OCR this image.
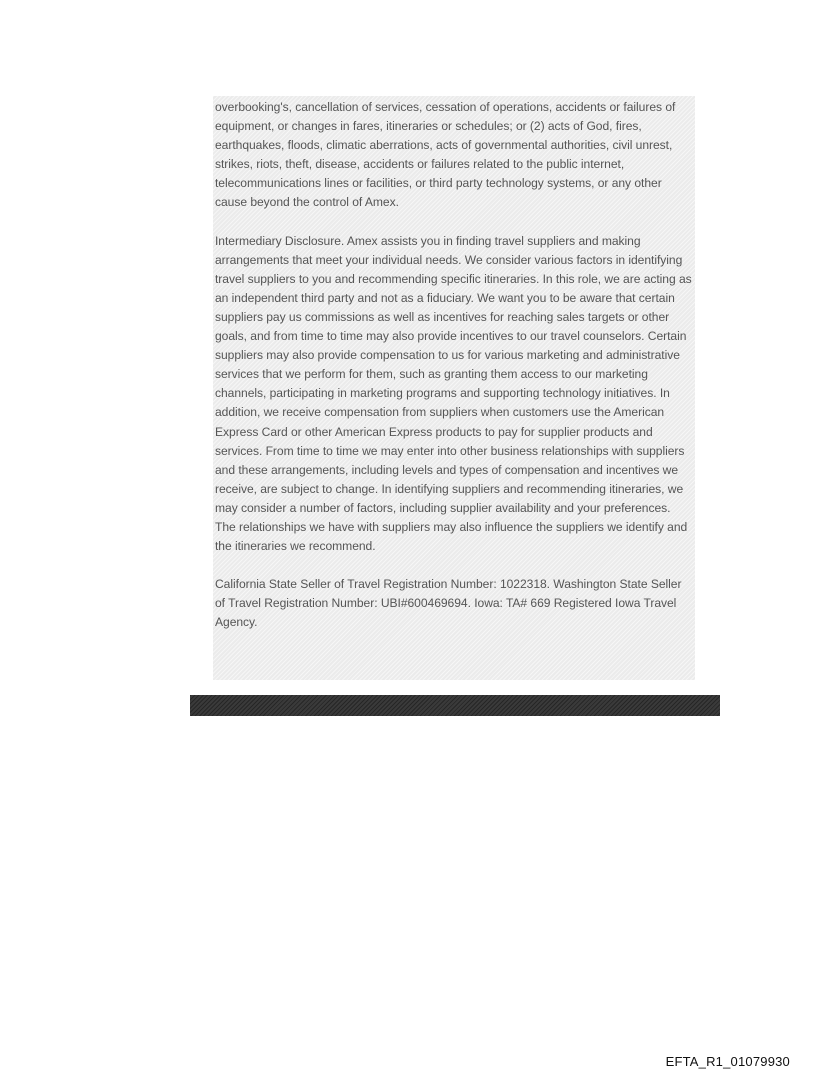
overbooking's, cancellation of services, cessation of operations, accidents or failures of equipment, or changes in fares, itineraries or schedules; or (2) acts of God, fires, earthquakes, floods, climatic aberrations, acts of governmental authorities, civil unrest, strikes, riots, theft, disease, accidents or failures related to the public internet, telecommunications lines or facilities, or third party technology systems, or any other cause beyond the control of Amex.

Intermediary Disclosure. Amex assists you in finding travel suppliers and making arrangements that meet your individual needs. We consider various factors in identifying travel suppliers to you and recommending specific itineraries. In this role, we are acting as an independent third party and not as a fiduciary. We want you to be aware that certain suppliers pay us commissions as well as incentives for reaching sales targets or other goals, and from time to time may also provide incentives to our travel counselors. Certain suppliers may also provide compensation to us for various marketing and administrative services that we perform for them, such as granting them access to our marketing channels, participating in marketing programs and supporting technology initiatives. In addition, we receive compensation from suppliers when customers use the American Express Card or other American Express products to pay for supplier products and services. From time to time we may enter into other business relationships with suppliers and these arrangements, including levels and types of compensation and incentives we receive, are subject to change. In identifying suppliers and recommending itineraries, we may consider a number of factors, including supplier availability and your preferences. The relationships we have with suppliers may also influence the suppliers we identify and the itineraries we recommend.

California State Seller of Travel Registration Number: 1022318. Washington State Seller of Travel Registration Number: UBI#600469694. Iowa: TA# 669 Registered Iowa Travel Agency.

EFTA_R1_01079930
